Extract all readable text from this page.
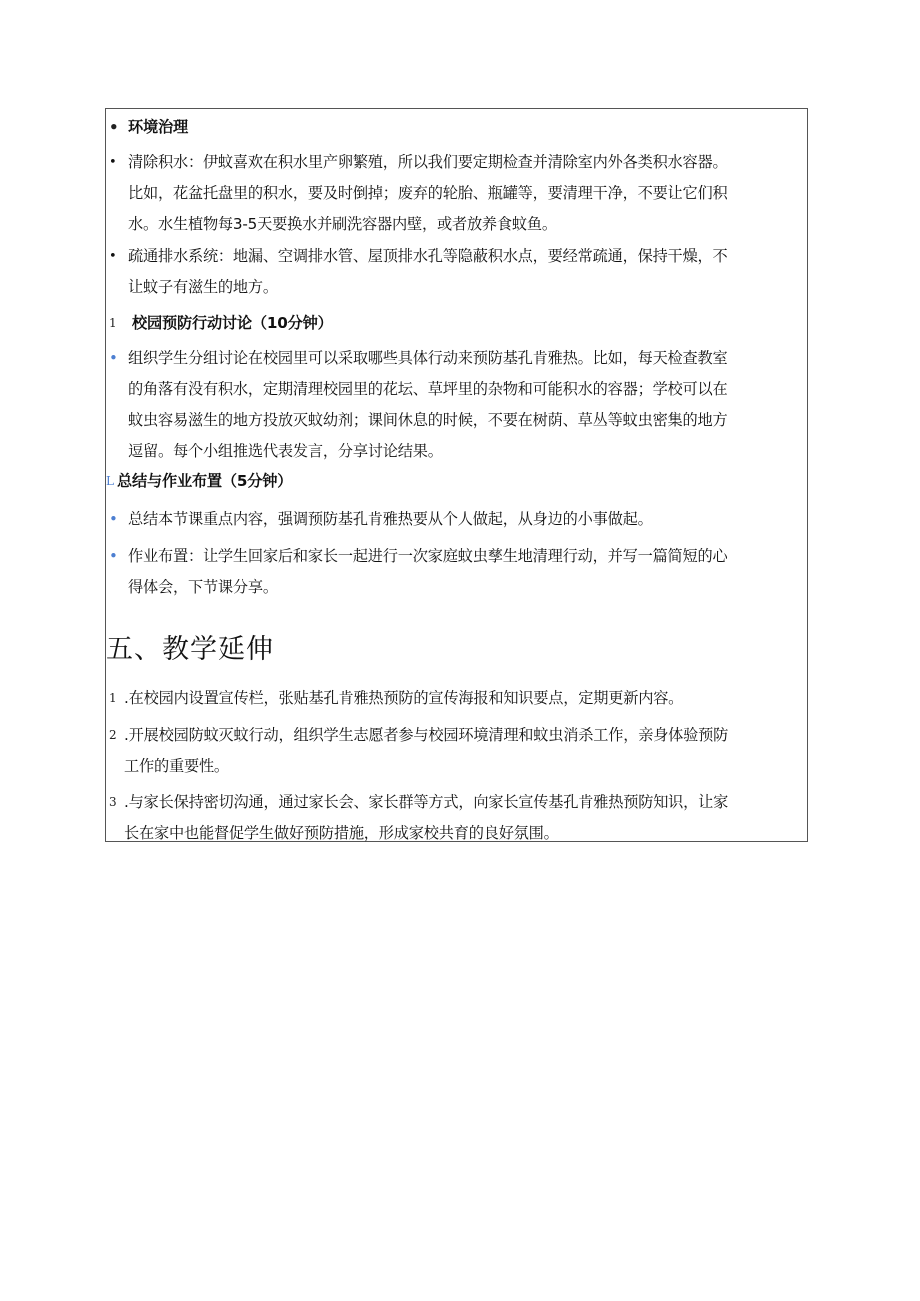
• 环境治理
• 清除积水：伊蚊喜欢在积水里产卵繁殖，所以我们要定期检查并清除室内外各类积水容器。
比如，花盆托盘里的积水，要及时倒掉；废弃的轮胎、瓶罐等，要清理干净，不要让它们积
水。水生植物每3-5天要换水并刷洗容器内壁，或者放养食蚊鱼。
• 疏通排水系统：地漏、空调排水管、屋顶排水孔等隐蔽积水点，要经常疏通，保持干燥，不
让蚊子有滋生的地方。
1 校园预防行动讨论（10分钟）
• 组织学生分组讨论在校园里可以采取哪些具体行动来预防基孔肯雅热。比如，每天检查教室
的角落有没有积水，定期清理校园里的花坛、草坪里的杂物和可能积水的容器；学校可以在
蚊虫容易滋生的地方投放灭蚊幼剂；课间休息的时候，不要在树荫、草丛等蚊虫密集的地方
逗留。每个小组推选代表发言，分享讨论结果。
L 总结与作业布置（5分钟）
• 总结本节课重点内容，强调预防基孔肯雅热要从个人做起，从身边的小事做起。
• 作业布置：让学生回家后和家长一起进行一次家庭蚊虫孳生地清理行动，并写一篇简短的心
得体会，下节课分享。
五、教学延伸
1 .在校园内设置宣传栏，张贴基孔肯雅热预防的宣传海报和知识要点，定期更新内容。
2 .开展校园防蚊灭蚊行动，组织学生志愿者参与校园环境清理和蚊虫消杀工作，亲身体验预防
工作的重要性。
3 .与家长保持密切沟通，通过家长会、家长群等方式，向家长宣传基孔肯雅热预防知识，让家
长在家中也能督促学生做好预防措施，形成家校共育的良好氛围。
